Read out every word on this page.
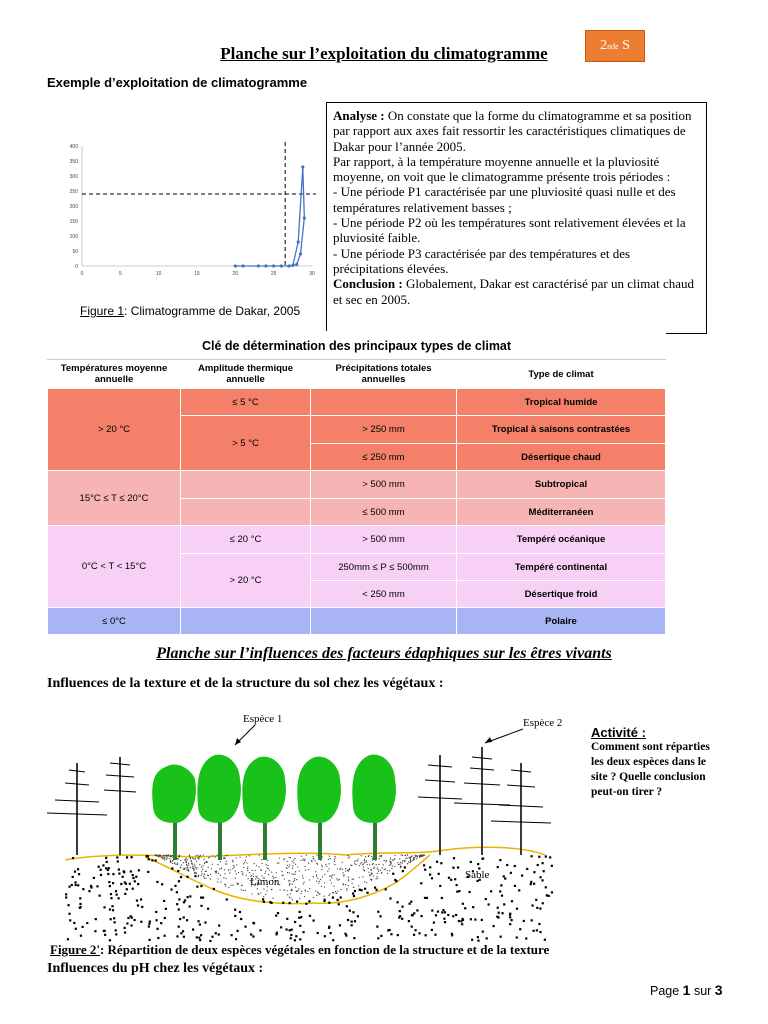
2 nde S
Planche sur l’exploitation du climatogramme
Exemple d’exploitation de climatogramme
0
50
100
150
200
250
300
350
400
0	5	10	15	20	25	30
Figure 1: Climatogramme de Dakar, 2005
Analyse : On constate que la forme du climatogramme et sa position par rapport aux axes fait ressortir les caractéristiques climatiques de Dakar pour l’année 2005.
Par rapport, à la température moyenne annuelle et la pluviosité moyenne, on voit que le climatogramme présente trois périodes :
- Une période P1 caractérisée par une pluviosité quasi nulle et des températures relativement basses ;
- Une période P2 où les températures sont relativement élevées et la pluviosité faible.
- Une période P3 caractérisée par des températures et des précipitations élevées.
Conclusion : Globalement, Dakar est caractérisé par un climat chaud et sec en 2005.
Clé de détermination des principaux types de climat			
Températures moyenne annuelle	Amplitude thermique annuelle	Précipitations totales annuelles	Type de climat
> 20 °C	≤ 5 °C		Tropical humide
	> 5 °C	> 250 mm	Tropical à saisons contrastées
		≤ 250 mm	Désertique chaud
15°C ≤ T ≤ 20°C		> 500 mm	Subtropical
		≤ 500 mm	Méditerranéen
0°C < T < 15°C	≤ 20 °C	> 500 mm	Tempéré océanique
	> 20 °C	250mm ≤ P ≤ 500mm	Tempéré continental
		< 250 mm	Désertique froid
≤ 0°C			Polaire
Planche sur l’influences des facteurs édaphiques sur les êtres vivants
Influences de la texture et de la structure du sol chez les végétaux :
Limon
Sable
Espèce 1	Espèce 2
Activité :
Comment sont réparties les deux espèces dans le site ? Quelle conclusion peut-on tirer ?
Figure 2': Répartition de deux espèces végétales en fonction de la structure et de la texture
Influences du pH chez les végétaux :
Page 1 sur 3
